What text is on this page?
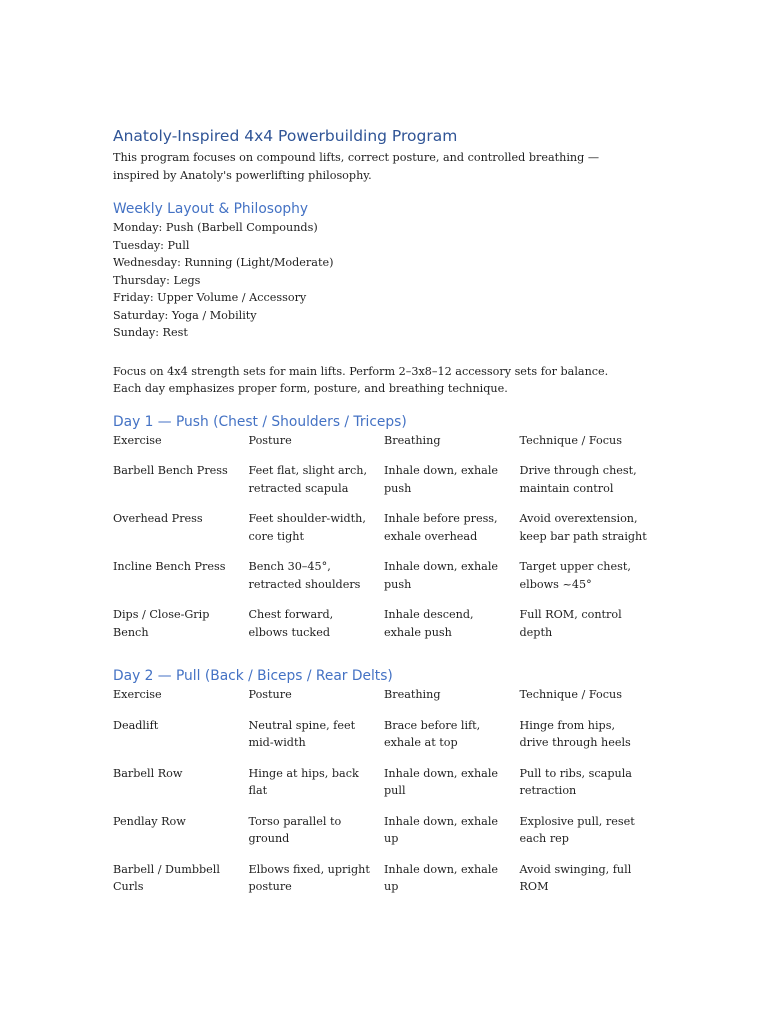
Anatoly-Inspired 4x4 Powerbuilding Program

This program focuses on compound lifts, correct posture, and controlled breathing — inspired by Anatoly's powerlifting philosophy.

Weekly Layout & Philosophy
Monday: Push (Barbell Compounds)
Tuesday: Pull
Wednesday: Running (Light/Moderate)
Thursday: Legs
Friday: Upper Volume / Accessory
Saturday: Yoga / Mobility
Sunday: Rest

Focus on 4x4 strength sets for main lifts. Perform 2–3x8–12 accessory sets for balance. Each day emphasizes proper form, posture, and breathing technique.

Day 1 — Push (Chest / Shoulders / Triceps)
Exercise	Posture	Breathing	Technique / Focus

Barbell Bench Press	Feet flat, slight arch, retracted scapula	Inhale down, exhale push	Drive through chest, maintain control

Overhead Press	Feet shoulder-width, core tight	Inhale before press, exhale overhead	Avoid overextension, keep bar path straight

Incline Bench Press	Bench 30–45°, retracted shoulders	Inhale down, exhale push	Target upper chest, elbows ~45°

Dips / Close-Grip Bench	Chest forward, elbows tucked	Inhale descend, exhale push	Full ROM, control depth
Day 2 — Pull (Back / Biceps / Rear Delts)
Exercise	Posture	Breathing	Technique / Focus

Deadlift	Neutral spine, feet mid-width	Brace before lift, exhale at top	Hinge from hips, drive through heels

Barbell Row	Hinge at hips, back flat	Inhale down, exhale pull	Pull to ribs, scapula retraction

Pendlay Row	Torso parallel to ground	Inhale down, exhale up	Explosive pull, reset each rep

Barbell / Dumbbell Curls	Elbows fixed, upright posture	Inhale down, exhale up	Avoid swinging, full ROM
